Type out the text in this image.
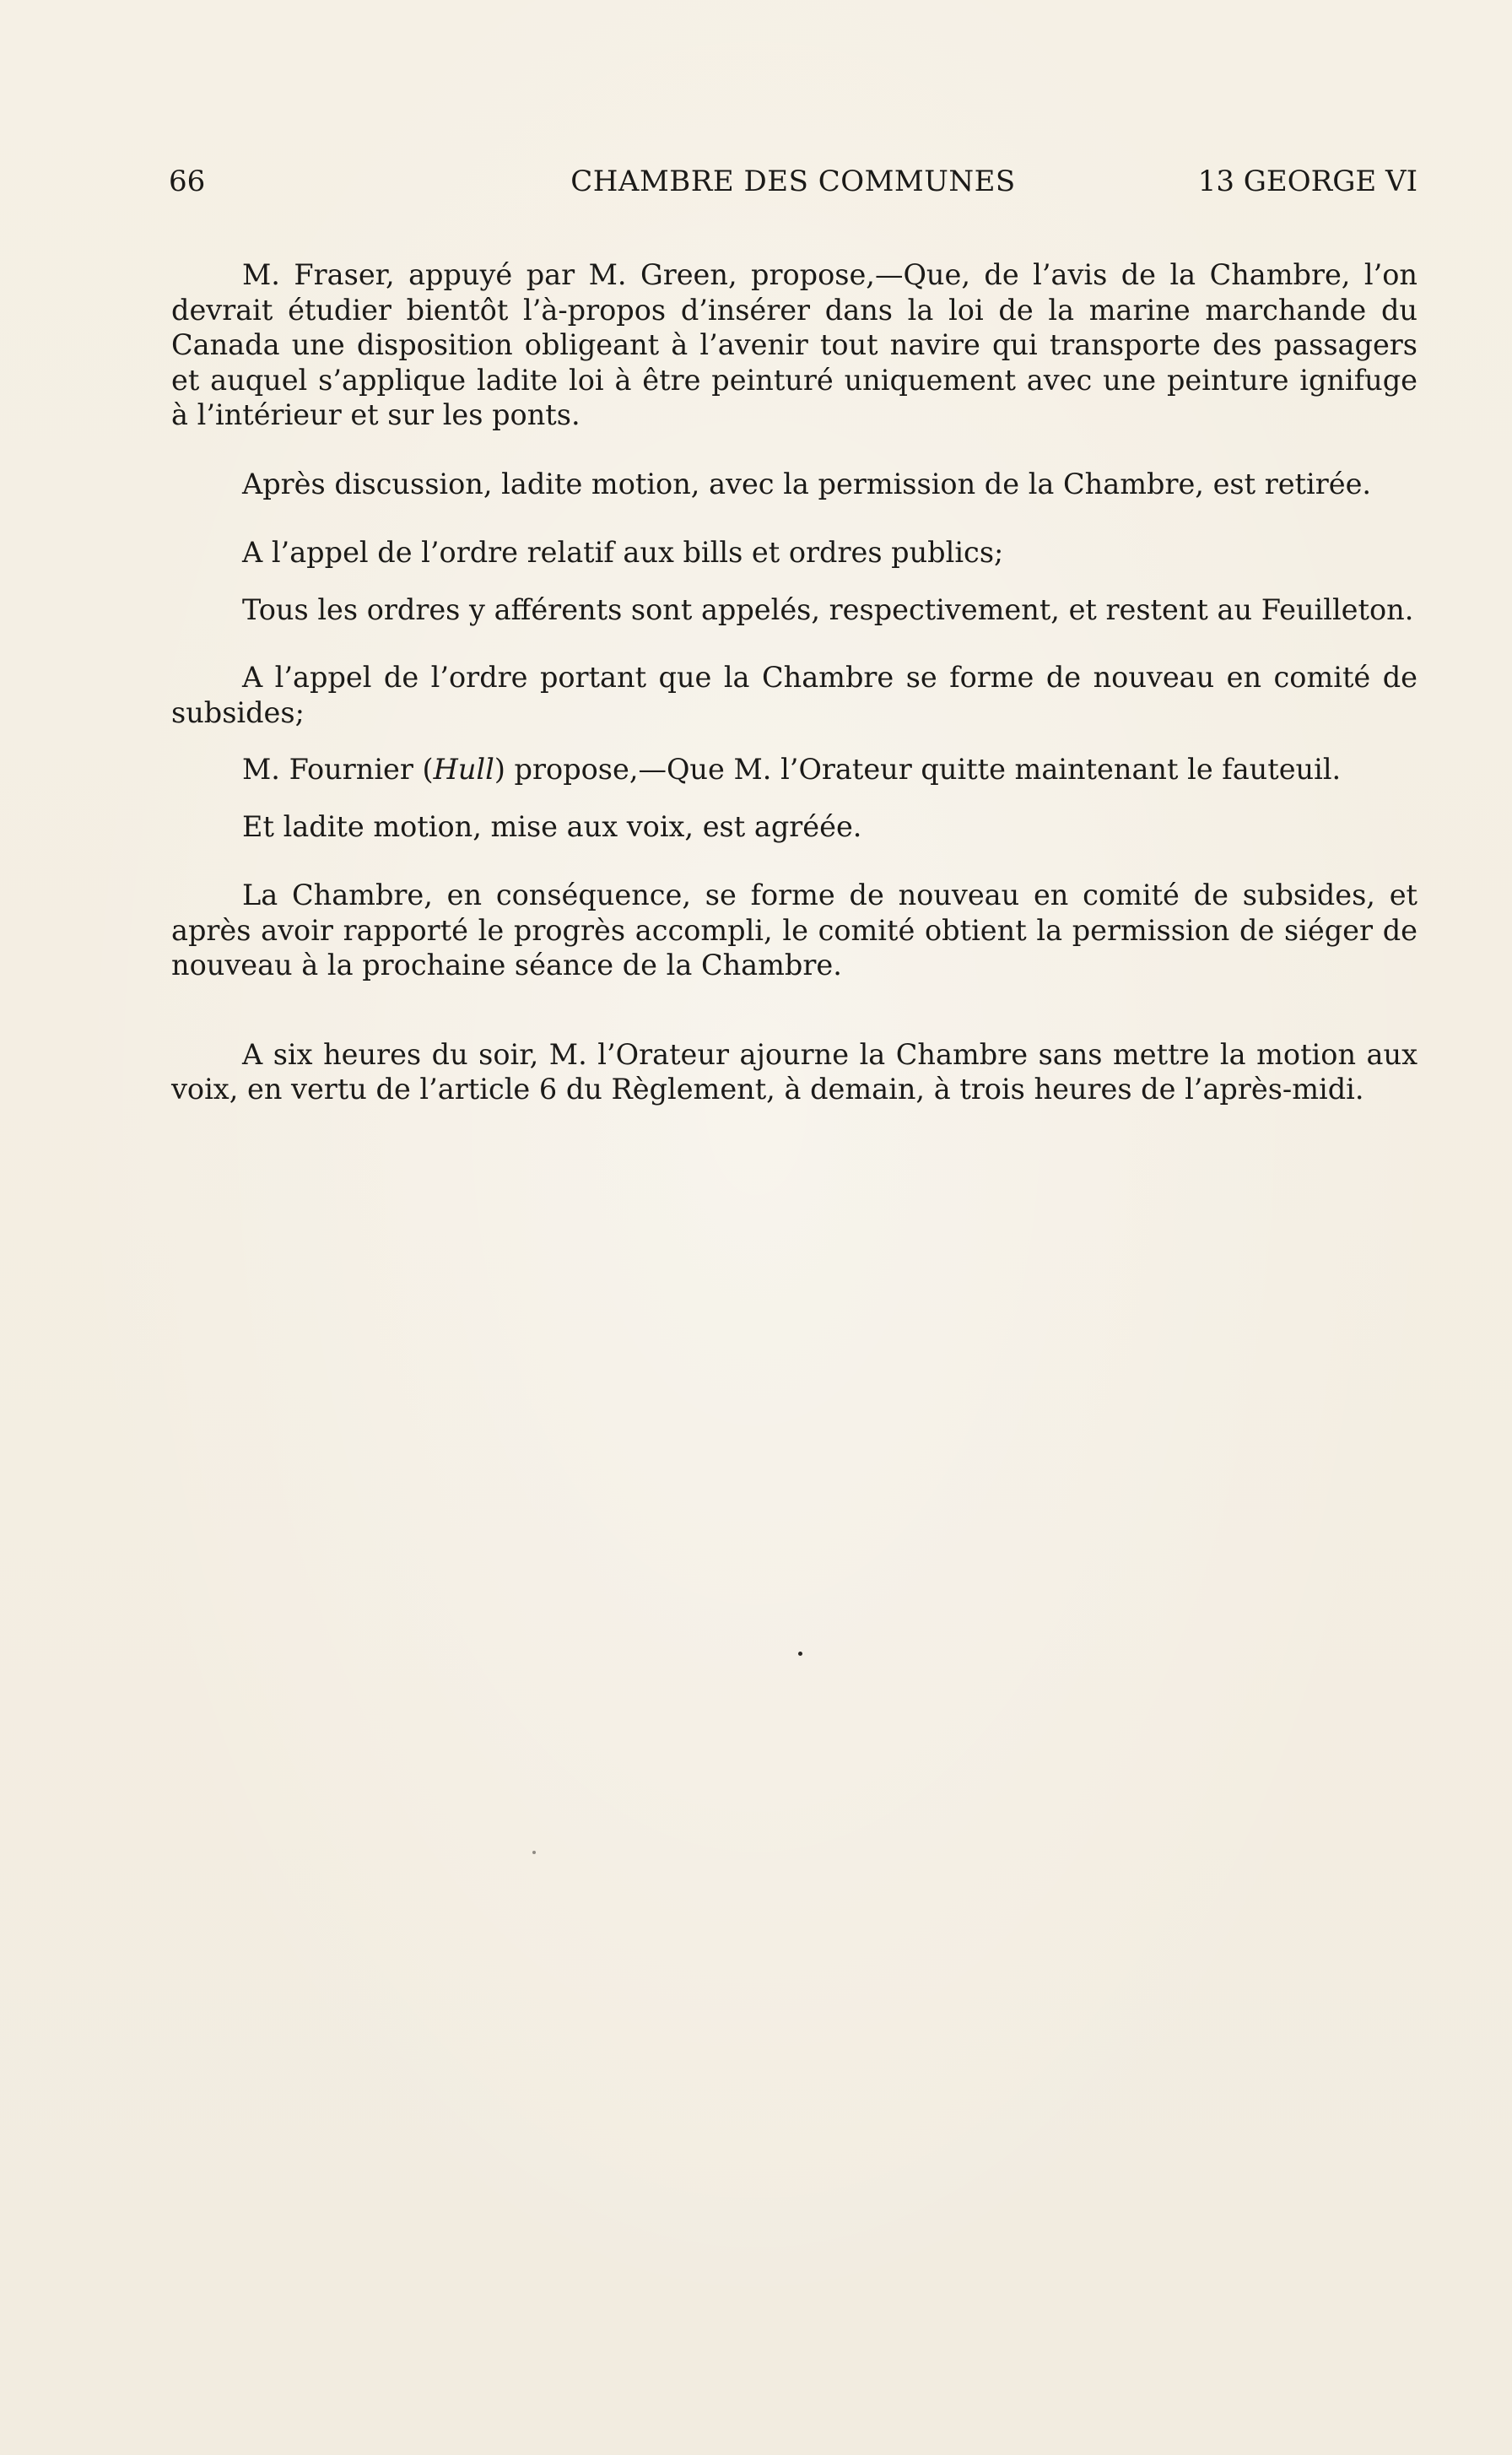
66	CHAMBRE DES COMMUNES	13 GEORGE VI

M. Fraser, appuyé par M. Green, propose,—Que, de l’avis de la Chambre, l’on devrait étudier bientôt l’à-propos d’insérer dans la loi de la marine marchande du Canada une disposition obligeant à l’avenir tout navire qui transporte des passagers et auquel s’applique ladite loi à être peinturé uniquement avec une peinture ignifuge à l’intérieur et sur les ponts.

Après discussion, ladite motion, avec la permission de la Chambre, est retirée.

A l’appel de l’ordre relatif aux bills et ordres publics;

Tous les ordres y afférents sont appelés, respectivement, et restent au Feuilleton.

A l’appel de l’ordre portant que la Chambre se forme de nouveau en comité de subsides;

M. Fournier (Hull) propose,—Que M. l’Orateur quitte maintenant le fauteuil.

Et ladite motion, mise aux voix, est agréée.

La Chambre, en conséquence, se forme de nouveau en comité de subsides, et après avoir rapporté le progrès accompli, le comité obtient la permission de siéger de nouveau à la prochaine séance de la Chambre.

A six heures du soir, M. l’Orateur ajourne la Chambre sans mettre la motion aux voix, en vertu de l’article 6 du Règlement, à demain, à trois heures de l’après-midi.
